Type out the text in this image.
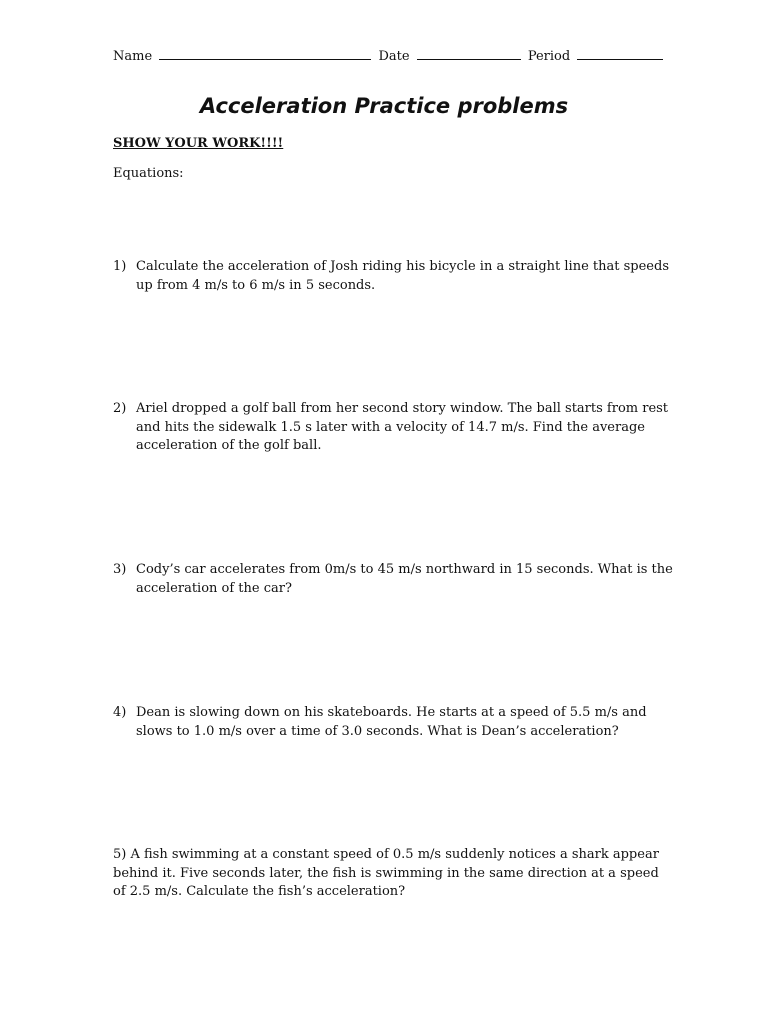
Name	Date	Period
Acceleration Practice problems

SHOW YOUR WORK!!!!

Equations:

1) Calculate the acceleration of Josh riding his bicycle in a straight line that speeds up from 4 m/s to 6 m/s in 5 seconds.
2) Ariel dropped a golf ball from her second story window. The ball starts from rest and hits the sidewalk 1.5 s later with a velocity of 14.7 m/s. Find the average acceleration of the golf ball.
3) Cody’s car accelerates from 0m/s to 45 m/s northward in 15 seconds. What is the acceleration of the car?
4) Dean is slowing down on his skateboards. He starts at a speed of 5.5 m/s and slows to 1.0 m/s over a time of 3.0 seconds. What is Dean’s acceleration?
5) A fish swimming at a constant speed of 0.5 m/s suddenly notices a shark appear behind it. Five seconds later, the fish is swimming in the same direction at a speed of 2.5 m/s. Calculate the fish’s acceleration?
